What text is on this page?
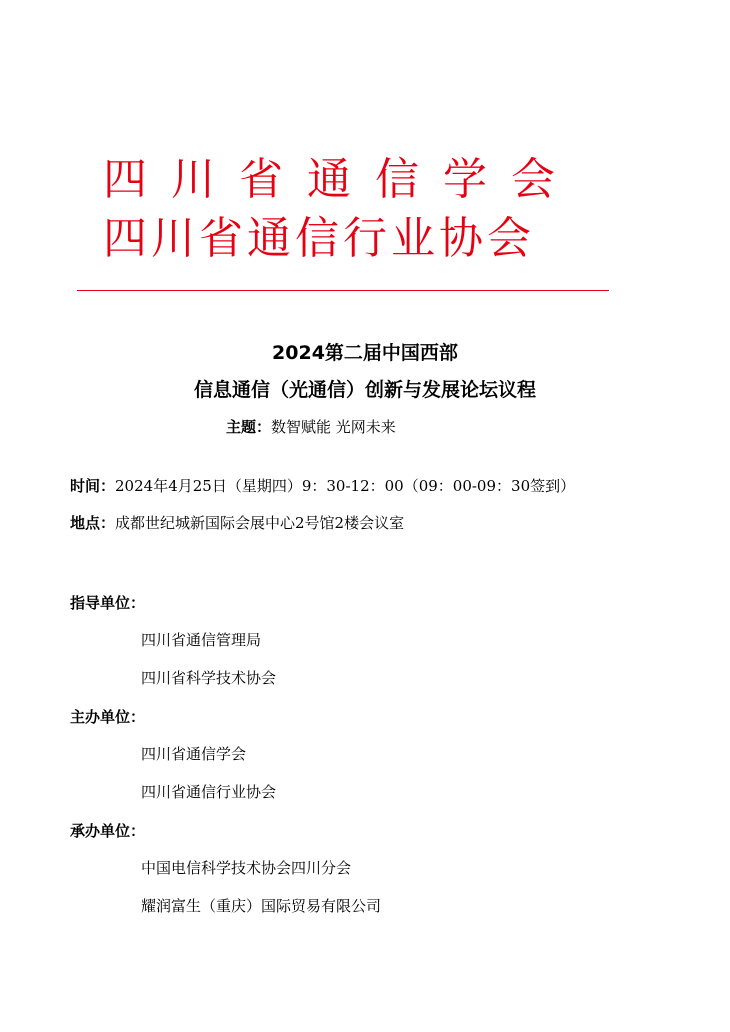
四川省通信学会
四川省通信行业协会
2024第二届中国西部
信息通信（光通信）创新与发展论坛议程
主题：数智赋能 光网未来
时间：2024年4月25日（星期四）9：30-12：00（09：00-09：30签到）
地点：成都世纪城新国际会展中心2号馆2楼会议室
指导单位：
四川省通信管理局
四川省科学技术协会
主办单位：
四川省通信学会
四川省通信行业协会
承办单位：
中国电信科学技术协会四川分会
耀润富生（重庆）国际贸易有限公司
